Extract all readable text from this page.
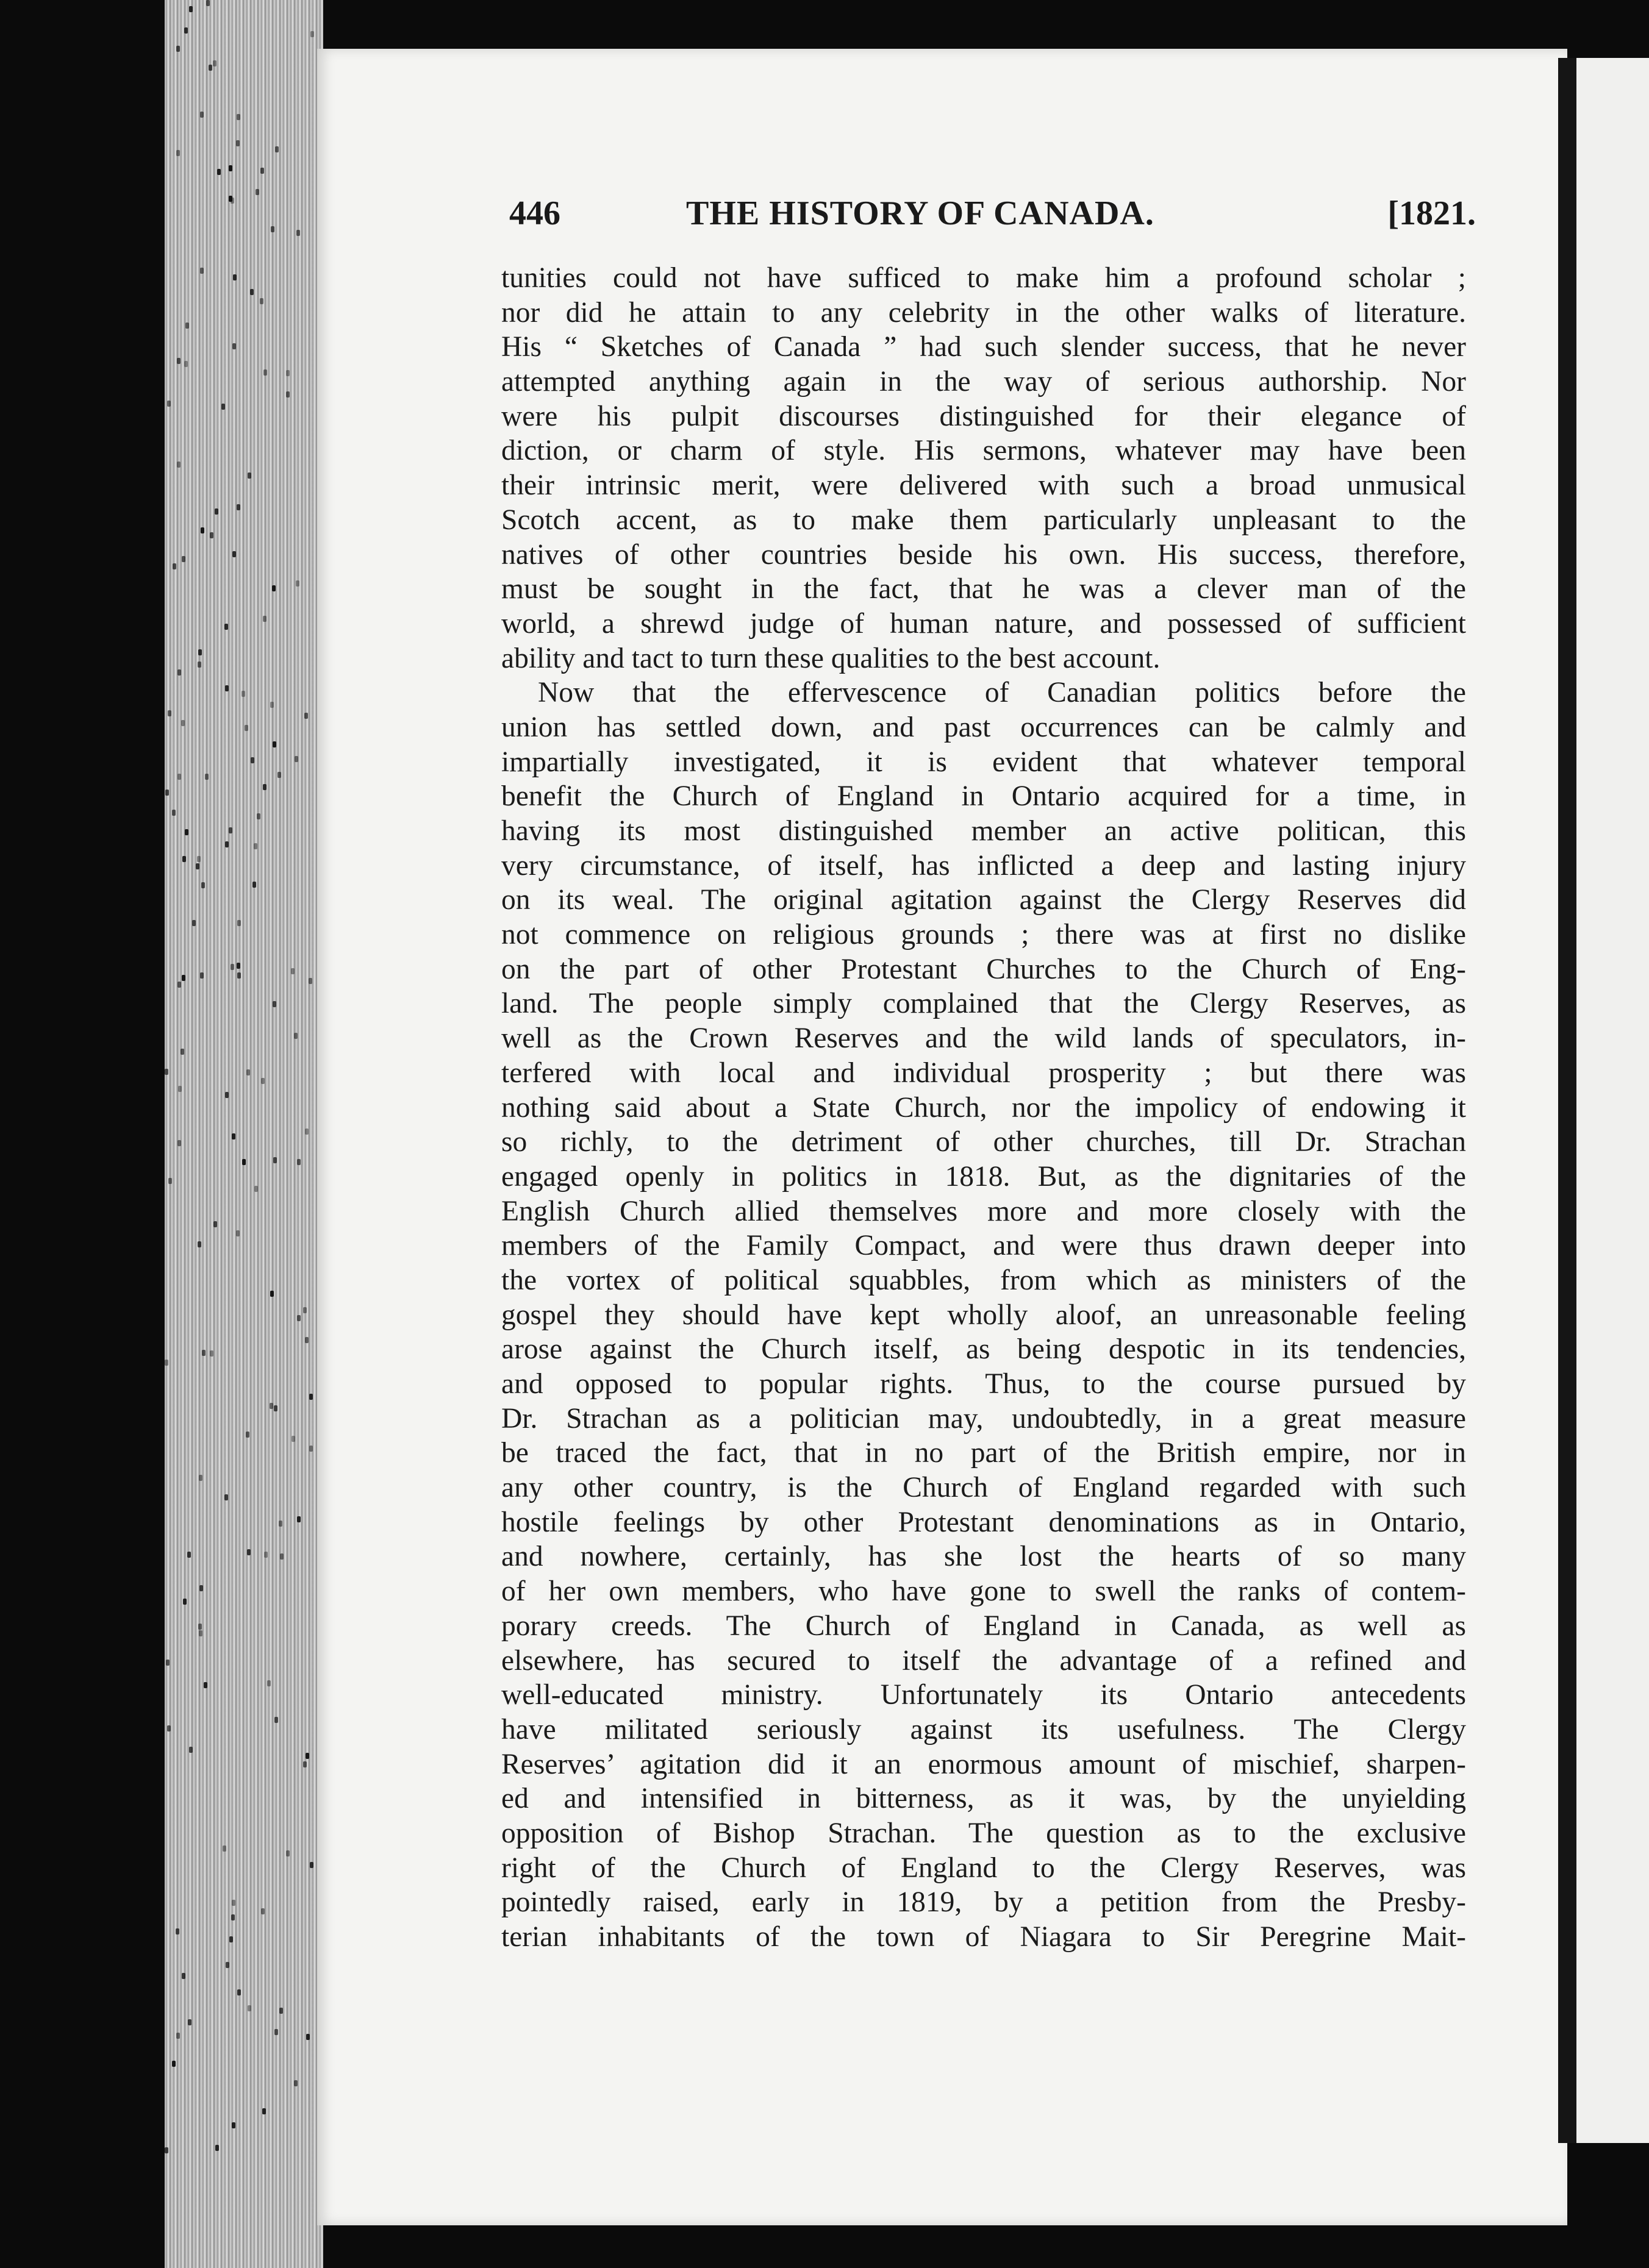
446	THE HISTORY OF CANADA.	[1821.
tunities could not have sufficed to make him a profound scholar ;
nor did he attain to any celebrity in the other walks of literature.
His “ Sketches of Canada ” had such slender success, that he never
attempted anything again in the way of serious authorship. Nor
were his pulpit discourses distinguished for their elegance of
diction, or charm of style. His sermons, whatever may have been
their intrinsic merit, were delivered with such a broad unmusical
Scotch accent, as to make them particularly unpleasant to the
natives of other countries beside his own. His success, therefore,
must be sought in the fact, that he was a clever man of the
world, a shrewd judge of human nature, and possessed of sufficient
ability and tact to turn these qualities to the best account.
Now that the effervescence of Canadian politics before the
union has settled down, and past occurrences can be calmly and
impartially investigated, it is evident that whatever temporal
benefit the Church of England in Ontario acquired for a time, in
having its most distinguished member an active politican, this
very circumstance, of itself, has inflicted a deep and lasting injury
on its weal. The original agitation against the Clergy Reserves did
not commence on religious grounds ; there was at first no dislike
on the part of other Protestant Churches to the Church of Eng-
land. The people simply complained that the Clergy Reserves, as
well as the Crown Reserves and the wild lands of speculators, in-
terfered with local and individual prosperity ; but there was
nothing said about a State Church, nor the impolicy of endowing it
so richly, to the detriment of other churches, till Dr. Strachan
engaged openly in politics in 1818. But, as the dignitaries of the
English Church allied themselves more and more closely with the
members of the Family Compact, and were thus drawn deeper into
the vortex of political squabbles, from which as ministers of the
gospel they should have kept wholly aloof, an unreasonable feeling
arose against the Church itself, as being despotic in its tendencies,
and opposed to popular rights. Thus, to the course pursued by
Dr. Strachan as a politician may, undoubtedly, in a great measure
be traced the fact, that in no part of the British empire, nor in
any other country, is the Church of England regarded with such
hostile feelings by other Protestant denominations as in Ontario,
and nowhere, certainly, has she lost the hearts of so many
of her own members, who have gone to swell the ranks of contem-
porary creeds. The Church of England in Canada, as well as
elsewhere, has secured to itself the advantage of a refined and
well-educated ministry. Unfortunately its Ontario antecedents
have militated seriously against its usefulness. The Clergy
Reserves’ agitation did it an enormous amount of mischief, sharpen-
ed and intensified in bitterness, as it was, by the unyielding
opposition of Bishop Strachan. The question as to the exclusive
right of the Church of England to the Clergy Reserves, was
pointedly raised, early in 1819, by a petition from the Presby-
terian inhabitants of the town of Niagara to Sir Peregrine Mait-
